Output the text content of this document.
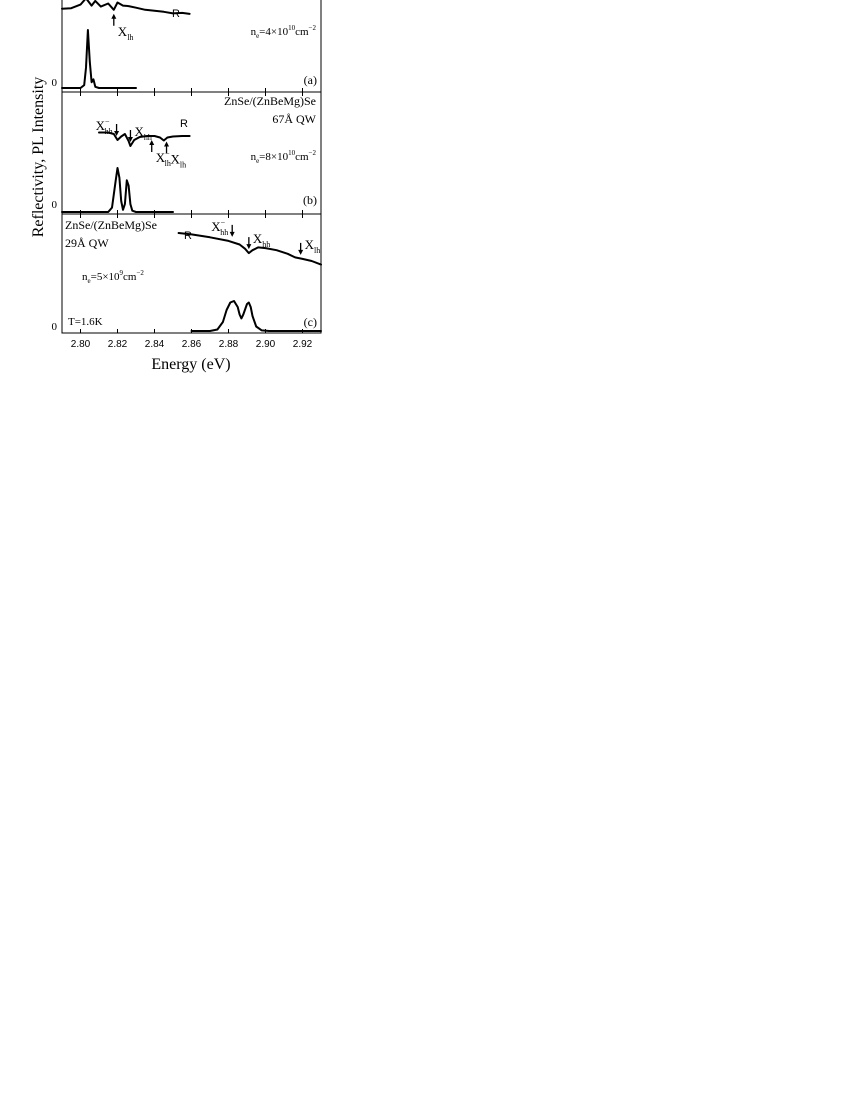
Reflectivity, PL Intensity
Energy (eV)
0	(a)
R
$n_e=4\times 10^{10}cm^{-2}$
$X_{lh}$
0	(b)
R
ZnSe/(ZnBeMg)Se
67Å QW
$n_e=8\times 10^{10}cm^{-2}$
X− hh $X_{hh}$
X− lh $X_{lh}$
0	(c)
R
ZnSe/(ZnBeMg)Se
29Å QW
T=1.6K
$n_e=5\times 10^9cm^{-2}$
X− hh $X_{hh}$	$X_{lh}$
2.80 2.82 2.84 2.86 2.88 2.90 2.92
